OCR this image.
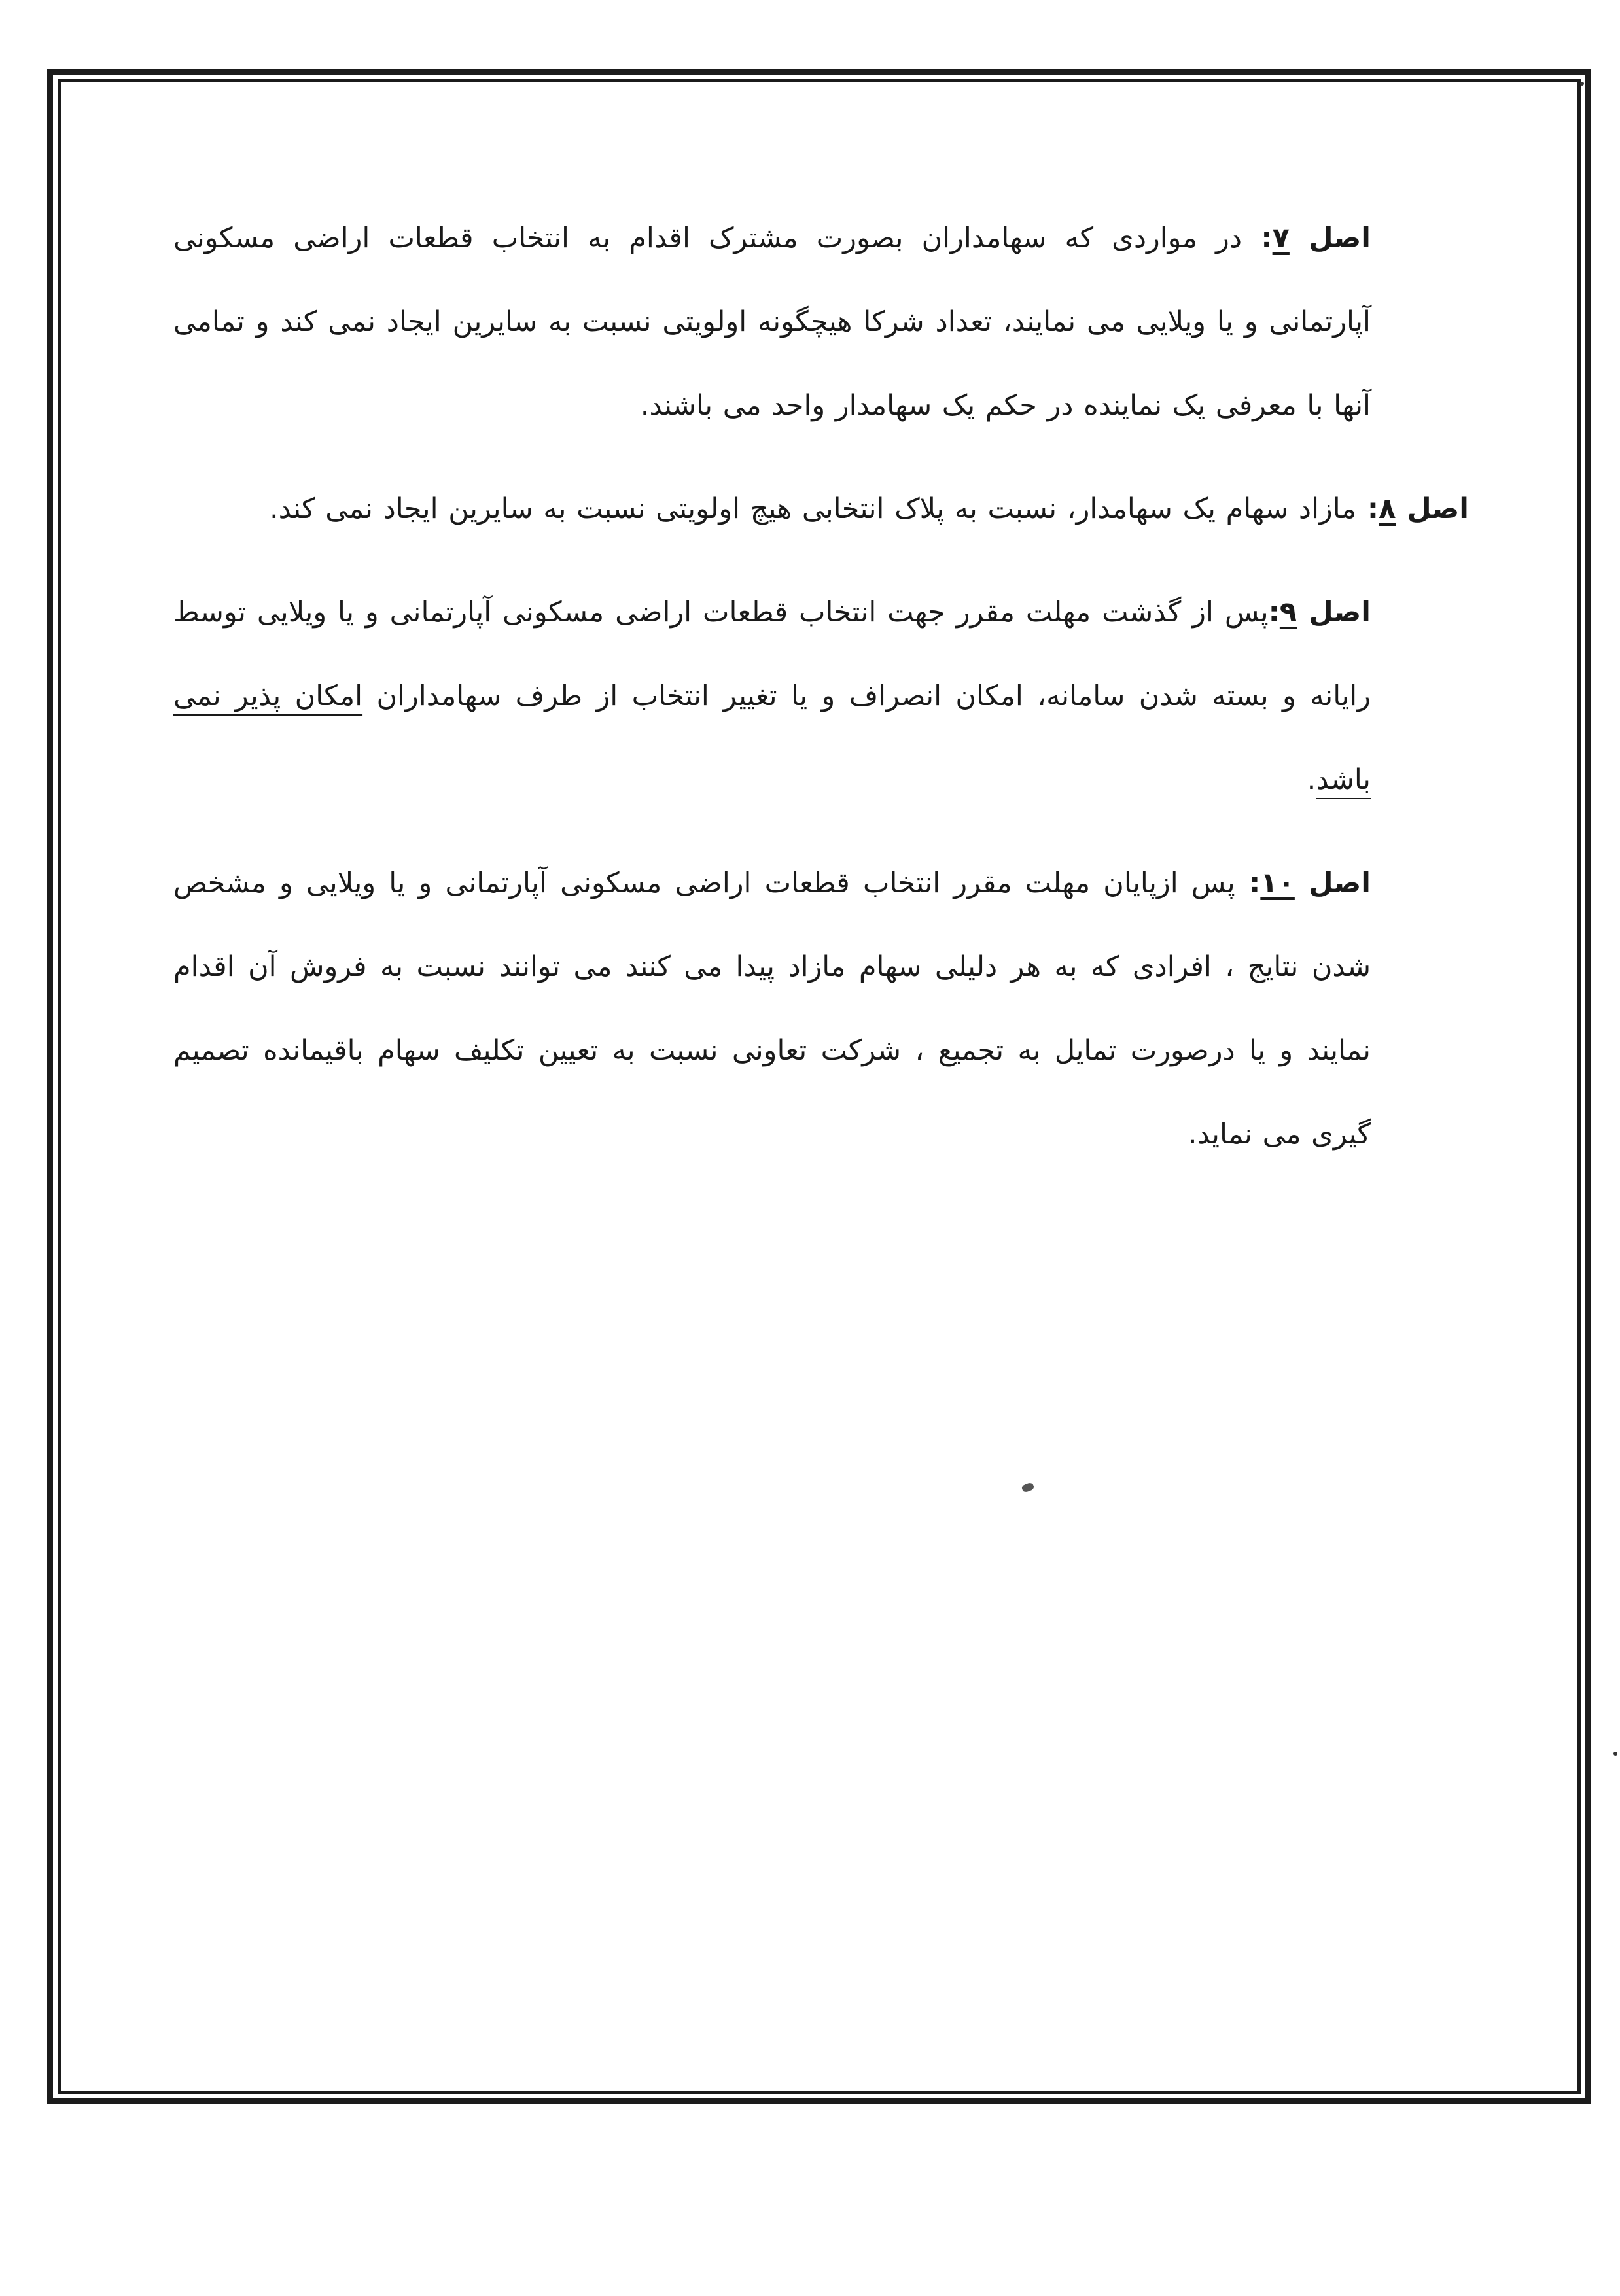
اصل ۷: در مواردی که سهامداران بصورت مشترک اقدام به انتخاب قطعات اراضی مسکونی آپارتمانی و یا ویلایی می نمایند، تعداد شرکا هیچگونه اولویتی نسبت به سایرین ایجاد نمی کند و تمامی آنها با معرفی یک نماینده در حکم یک سهامدار واحد می باشند.

اصل ۸: مازاد سهام یک سهامدار، نسبت به پلاک انتخابی هیچ اولویتی نسبت به سایرین ایجاد نمی کند.

اصل ۹:پس از گذشت مهلت مقرر جهت انتخاب قطعات اراضی مسکونی آپارتمانی و یا ویلایی توسط رایانه و بسته شدن سامانه، امکان انصراف و یا تغییر انتخاب از طرف سهامداران امکان پذیر نمی باشد.

اصل ۱۰: پس ازپایان مهلت مقرر انتخاب قطعات اراضی مسکونی آپارتمانی و یا ویلایی و مشخص شدن نتایج ، افرادی که به هر دلیلی سهام مازاد پیدا می کنند می توانند نسبت به فروش آن اقدام نمایند و یا درصورت تمایل به تجمیع ، شرکت تعاونی نسبت به تعیین تکلیف سهام باقیمانده تصمیم گیری می نماید.
